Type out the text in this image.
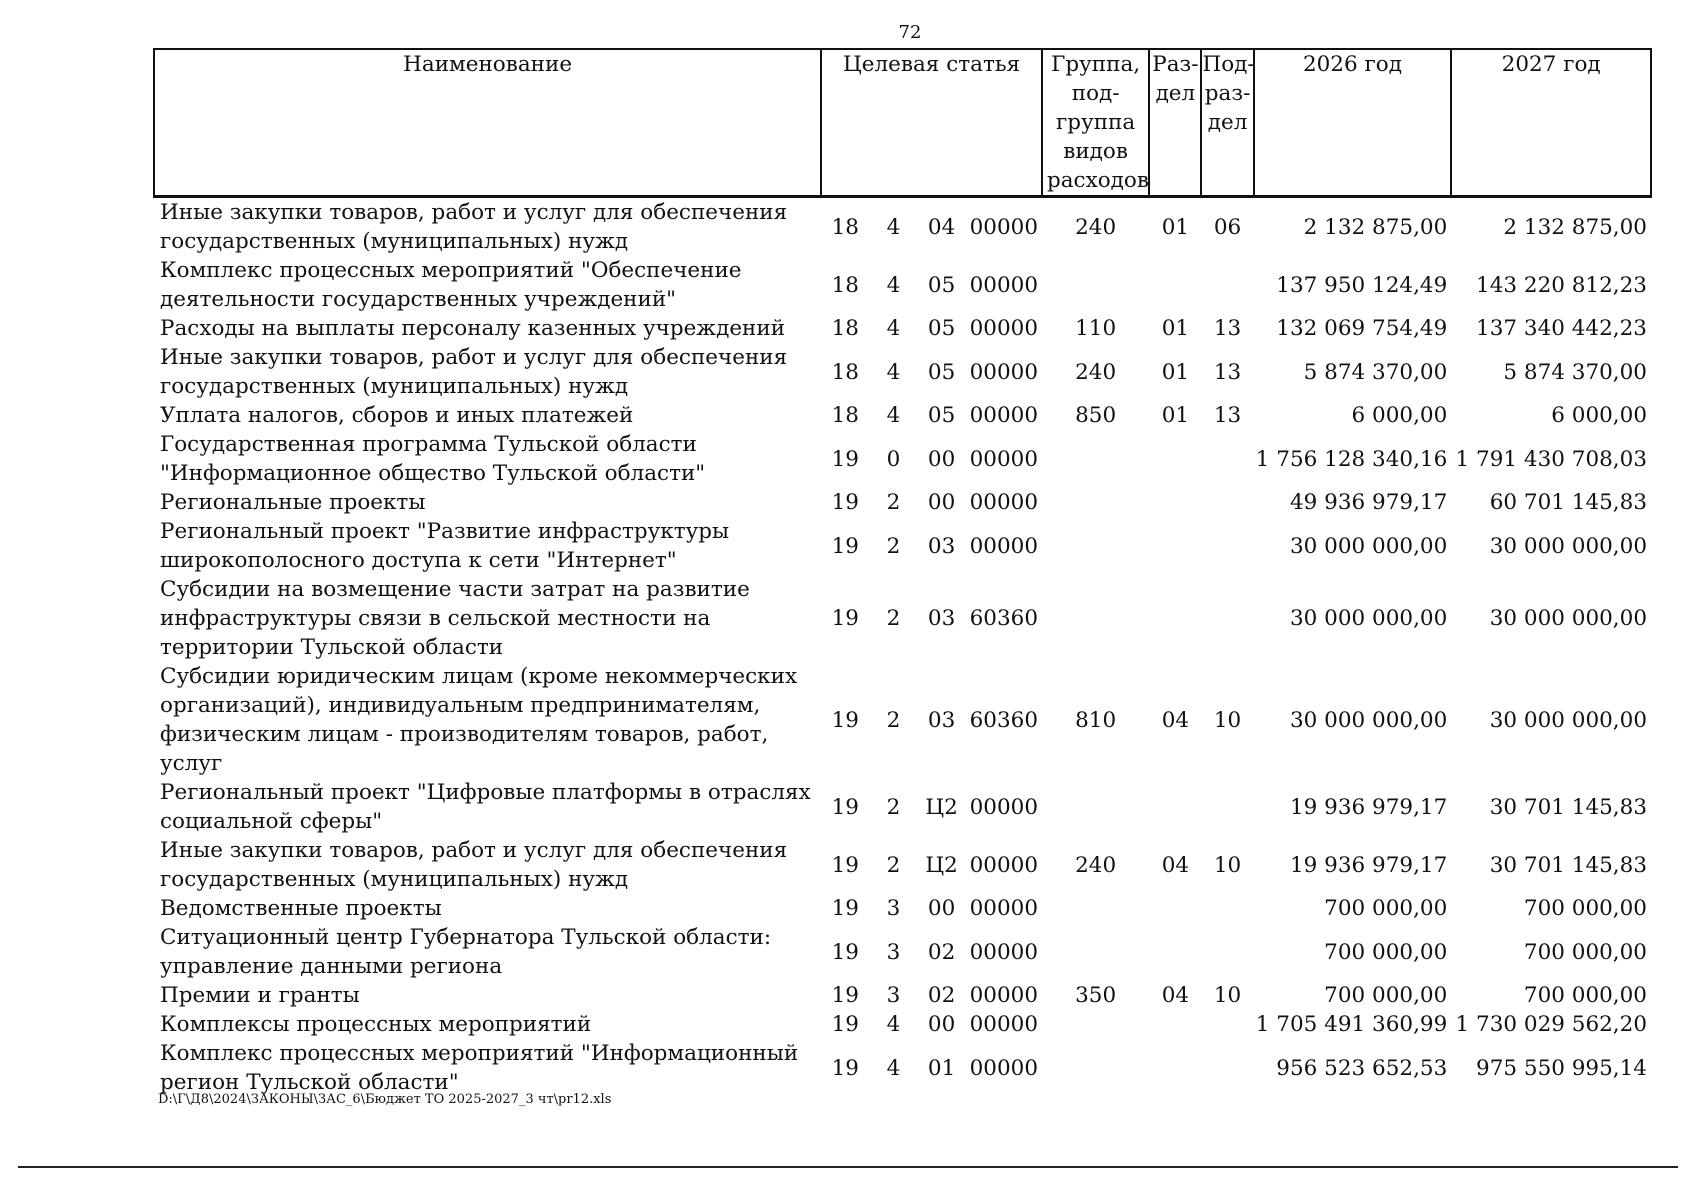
72
Наименование	Целевая статья				Группа, под-группа видов расходов	Раз-дел	Под-раз-дел	2026 год	2027 год
Иные закупки товаров, работ и услуг для обеспечения государственных (муниципальных) нужд	18	4	04	00000	240	01	06	2 132 875,00	2 132 875,00
Комплекс процессных мероприятий "Обеспечение деятельности государственных учреждений"	18	4	05	00000				137 950 124,49	143 220 812,23
Расходы на выплаты персоналу казенных учреждений	18	4	05	00000	110	01	13	132 069 754,49	137 340 442,23
Иные закупки товаров, работ и услуг для обеспечения государственных (муниципальных) нужд	18	4	05	00000	240	01	13	5 874 370,00	5 874 370,00
Уплата налогов, сборов и иных платежей	18	4	05	00000	850	01	13	6 000,00	6 000,00
Государственная программа Тульской области "Информационное общество Тульской области"	19	0	00	00000				1 756 128 340,16	1 791 430 708,03
Региональные проекты	19	2	00	00000				49 936 979,17	60 701 145,83
Региональный проект "Развитие инфраструктуры широкополосного доступа к сети "Интернет"	19	2	03	00000				30 000 000,00	30 000 000,00
Субсидии на возмещение части затрат на развитие инфраструктуры связи в сельской местности на территории Тульской области	19	2	03	60360				30 000 000,00	30 000 000,00
Субсидии юридическим лицам (кроме некоммерческих организаций), индивидуальным предпринимателям, физическим лицам - производителям товаров, работ, услуг	19	2	03	60360	810	04	10	30 000 000,00	30 000 000,00
Региональный проект "Цифровые платформы в отраслях социальной сферы"	19	2	Ц2	00000				19 936 979,17	30 701 145,83
Иные закупки товаров, работ и услуг для обеспечения государственных (муниципальных) нужд	19	2	Ц2	00000	240	04	10	19 936 979,17	30 701 145,83
Ведомственные проекты	19	3	00	00000				700 000,00	700 000,00
Ситуационный центр Губернатора Тульской области: управление данными региона	19	3	02	00000				700 000,00	700 000,00
Премии и гранты	19	3	02	00000	350	04	10	700 000,00	700 000,00
Комплексы процессных мероприятий	19	4	00	00000				1 705 491 360,99	1 730 029 562,20
Комплекс процессных мероприятий "Информационный регион Тульской области"	19	4	01	00000				956 523 652,53	975 550 995,14
D:\Г\Д8\2024\ЗАКОНЫ\ЗАС_6\Бюджет ТО 2025-2027_3 чт\pr12.xls
